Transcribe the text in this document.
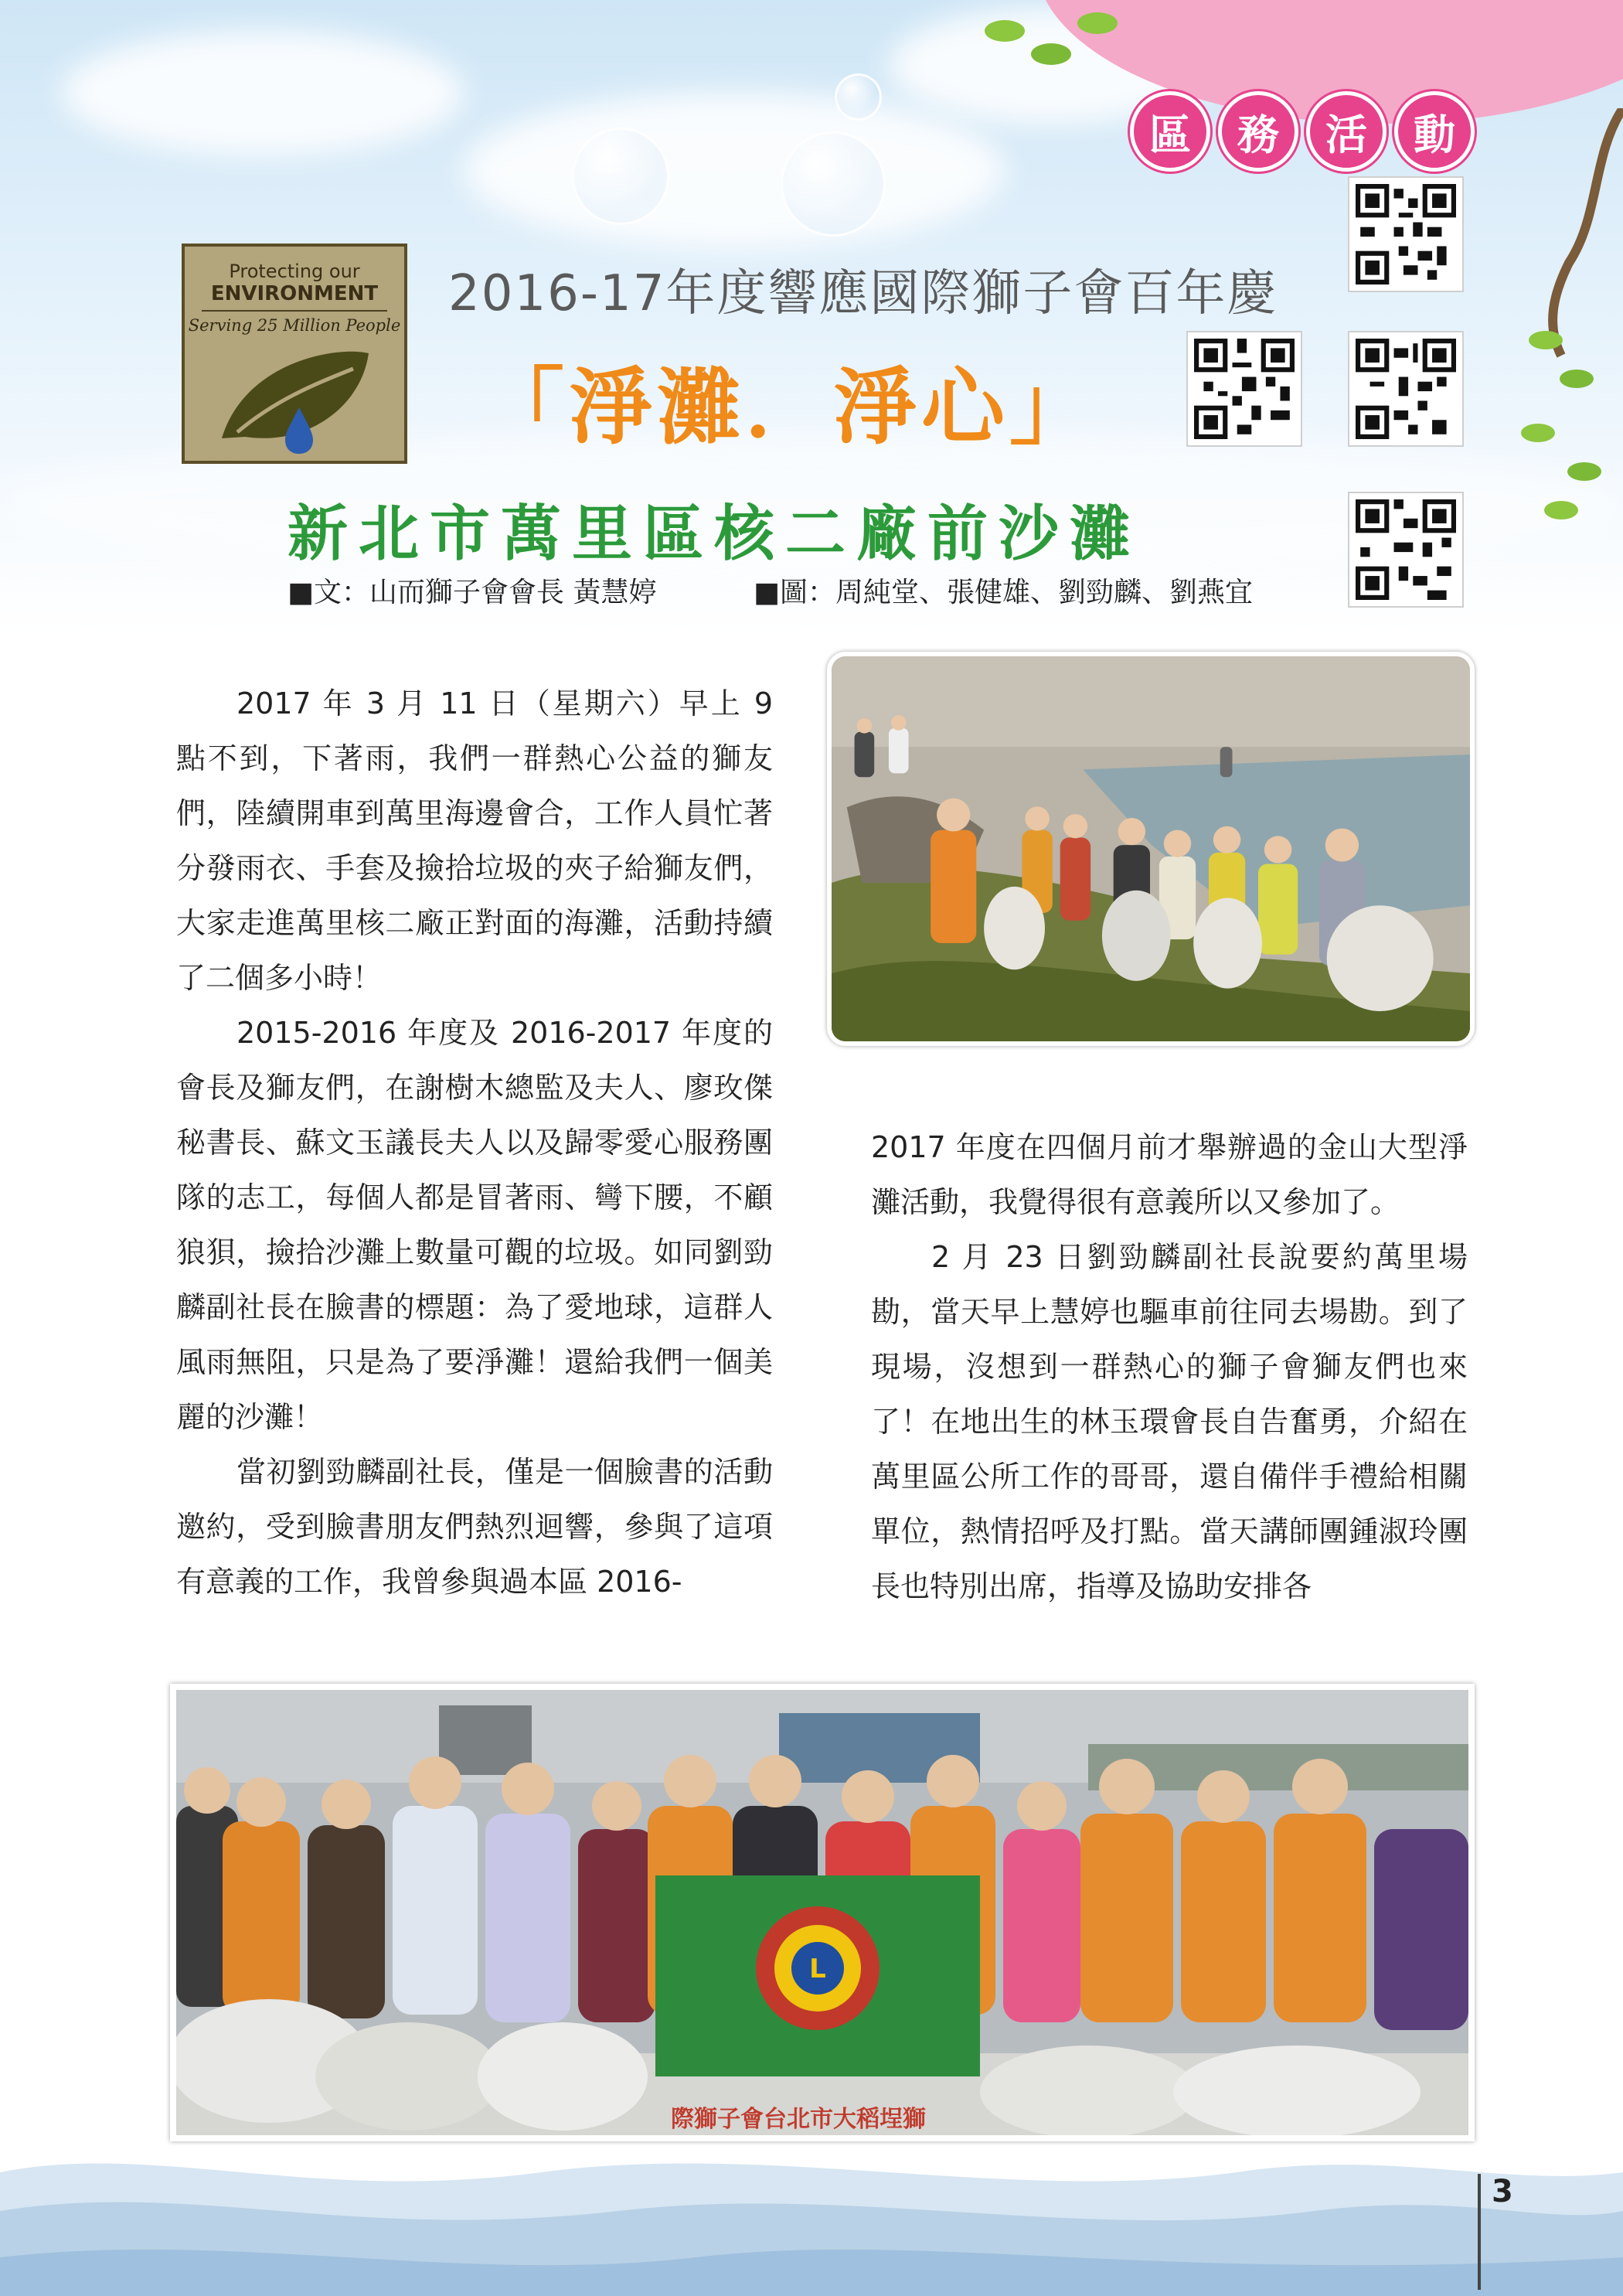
區	務	活	動
Protecting our
ENVIRONMENT
Serving 25 Million People
2016-17年度響應國際獅子會百年慶
「淨灘．淨心」
新北市萬里區核二廠前沙灘
■文：山而獅子會會長 黃慧婷	■圖：周純堂、張健雄、劉勁麟、劉燕宜

2017 年 3 月 11 日（星期六）早上 9 點不到，下著雨，我們一群熱心公益的獅友們，陸續開車到萬里海邊會合，工作人員忙著分發雨衣、手套及撿拾垃圾的夾子給獅友們，大家走進萬里核二廠正對面的海灘，活動持續了二個多小時！

2015-2016 年度及 2016-2017 年度的會長及獅友們，在謝樹木總監及夫人、廖玫傑秘書長、蘇文玉議長夫人以及歸零愛心服務團隊的志工，每個人都是冒著雨、彎下腰，不顧狼狽，撿拾沙灘上數量可觀的垃圾。如同劉勁麟副社長在臉書的標題：為了愛地球，這群人風雨無阻，只是為了要淨灘！還給我們一個美麗的沙灘！

當初劉勁麟副社長，僅是一個臉書的活動邀約，受到臉書朋友們熱烈迴響，參與了這項有意義的工作，我曾參與過本區 2016-

2017 年度在四個月前才舉辦過的金山大型淨灘活動，我覺得很有意義所以又參加了。

2 月 23 日劉勁麟副社長說要約萬里場勘，當天早上慧婷也驅車前往同去場勘。到了現場，沒想到一群熱心的獅子會獅友們也來了！在地出生的林玉環會長自告奮勇，介紹在萬里區公所工作的哥哥，還自備伴手禮給相關單位，熱情招呼及打點。當天講師團鍾淑玲團長也特別出席，指導及協助安排各

L
際獅子會台北市大稻埕獅
3
